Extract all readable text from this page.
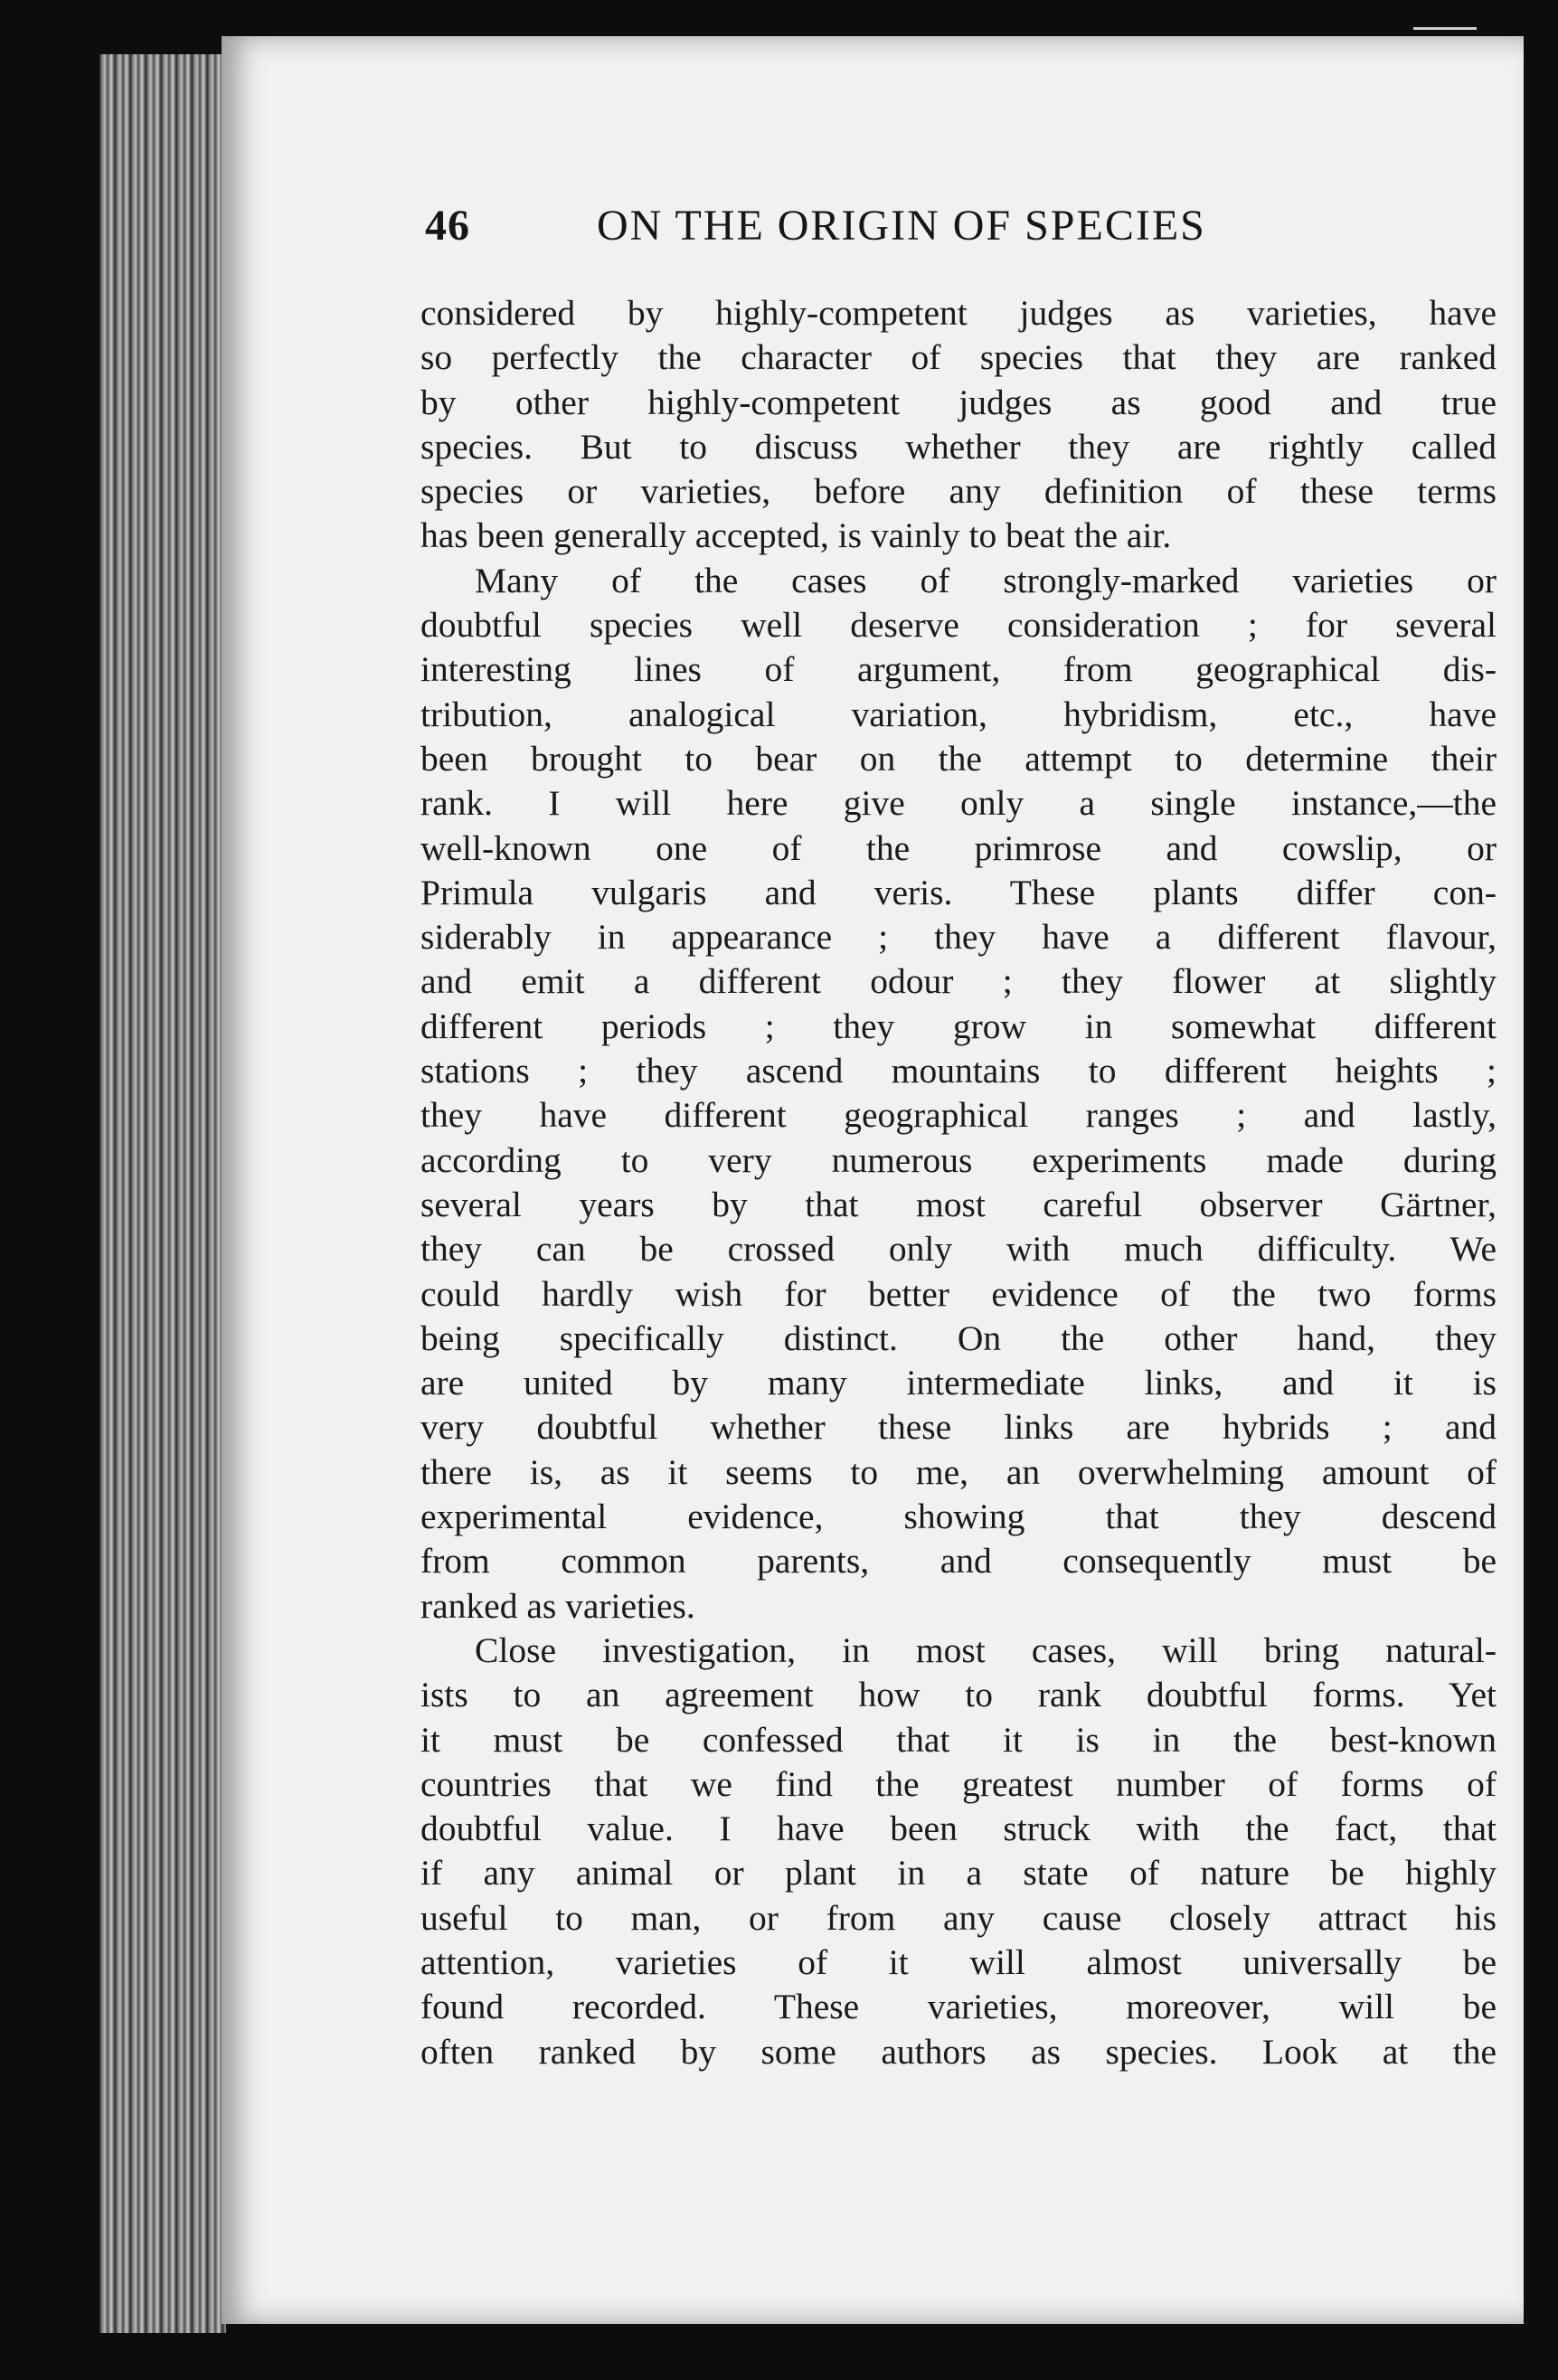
46	ON THE ORIGIN OF SPECIES
considered by highly-competent judges as varieties, have
so perfectly the character of species that they are ranked
by other highly-competent judges as good and true
species. But to discuss whether they are rightly called
species or varieties, before any definition of these terms
has been generally accepted, is vainly to beat the air.
Many of the cases of strongly-marked varieties or
doubtful species well deserve consideration ; for several
interesting lines of argument, from geographical dis-
tribution, analogical variation, hybridism, etc., have
been brought to bear on the attempt to determine their
rank. I will here give only a single instance,—the
well-known one of the primrose and cowslip, or
Primula vulgaris and veris. These plants differ con-
siderably in appearance ; they have a different flavour,
and emit a different odour ; they flower at slightly
different periods ; they grow in somewhat different
stations ; they ascend mountains to different heights ;
they have different geographical ranges ; and lastly,
according to very numerous experiments made during
several years by that most careful observer Gärtner,
they can be crossed only with much difficulty. We
could hardly wish for better evidence of the two forms
being specifically distinct. On the other hand, they
are united by many intermediate links, and it is
very doubtful whether these links are hybrids ; and
there is, as it seems to me, an overwhelming amount of
experimental evidence, showing that they descend
from common parents, and consequently must be
ranked as varieties.
Close investigation, in most cases, will bring natural-
ists to an agreement how to rank doubtful forms. Yet
it must be confessed that it is in the best-known
countries that we find the greatest number of forms of
doubtful value. I have been struck with the fact, that
if any animal or plant in a state of nature be highly
useful to man, or from any cause closely attract his
attention, varieties of it will almost universally be
found recorded. These varieties, moreover, will be
often ranked by some authors as species. Look at the
